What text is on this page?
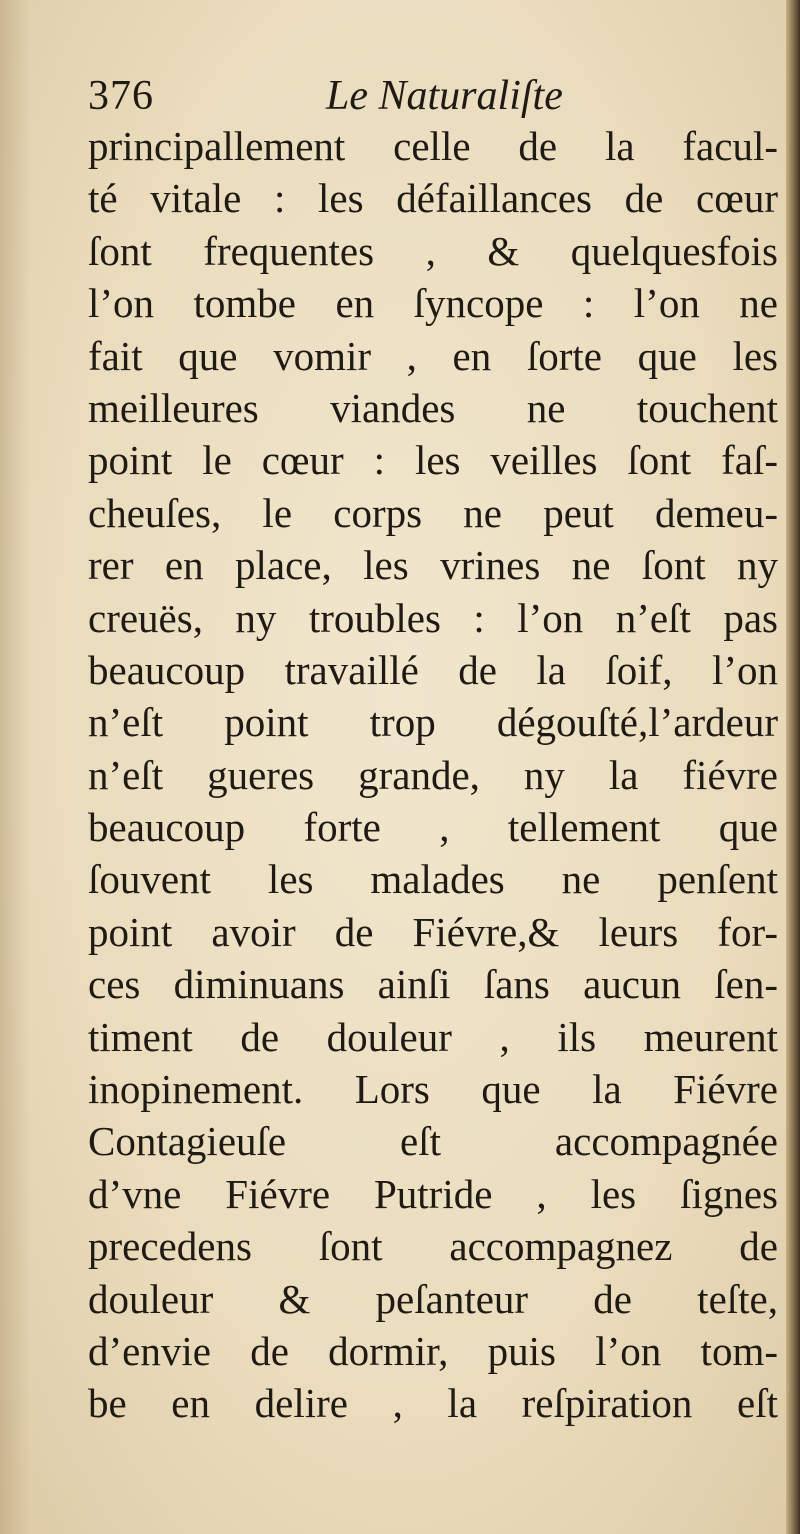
376	Le Naturaliſte
principallement celle de la facul-
té vitale : les défaillances de cœur
ſont frequentes , & quelquesfois
l’on tombe en ſyncope : l’on ne
fait que vomir , en ſorte que les
meilleures viandes ne touchent
point le cœur : les veilles ſont faſ-
cheuſes, le corps ne peut demeu-
rer en place, les vrines ne ſont ny
creuës, ny troubles : l’on n’eſt pas
beaucoup travaillé de la ſoif, l’on
n’eſt point trop dégouſté,l’ardeur
n’eſt gueres grande, ny la fiévre
beaucoup forte , tellement que
ſouvent les malades ne penſent
point avoir de Fiévre,& leurs for-
ces diminuans ainſi ſans aucun ſen-
timent de douleur , ils meurent
inopinement. Lors que la Fiévre
Contagieuſe eſt accompagnée
d’vne Fiévre Putride , les ſignes
precedens ſont accompagnez de
douleur & peſanteur de teſte,
d’envie de dormir, puis l’on tom-
be en delire , la reſpiration eſt
